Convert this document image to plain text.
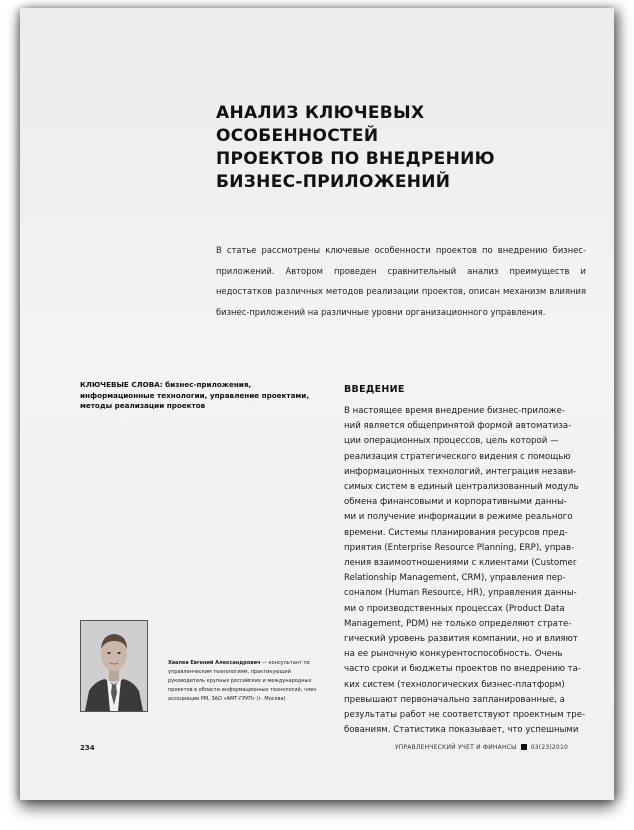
АНАЛИЗ КЛЮЧЕВЫХ ОСОБЕННОСТЕЙ
ПРОЕКТОВ ПО ВНЕДРЕНИЮ
БИЗНЕС-ПРИЛОЖЕНИЙ

В статье рассмотрены ключевые особенности проектов по внедрению бизнес-приложений. Автором проведен сравнительный анализ преимуществ и недостатков различных методов реализации проектов, описан механизм влияния бизнес-приложений на различные уровни организационного управления.

КЛЮЧЕВЫЕ СЛОВА: бизнес-приложения, информационные технологии, управление проектами, методы реализации проектов

ВВЕДЕНИЕ
В настоящее время внедрение бизнес-приложе-
ний является общепринятой формой автоматиза-
ции операционных процессов, цель которой —
реализация стратегического видения с помощью
информационных технологий, интеграция незави-
симых систем в единый централизованный модуль
обмена финансовыми и корпоративными данны-
ми и получение информации в режиме реального
времени. Системы планирования ресурсов пред-
приятия (Enterprise Resource Planning, ERP), управ-
ления взаимоотношениями с клиентами (Customer
Relationship Management, CRM), управления пер-
соналом (Human Resource, HR), управления данны-
ми о производственных процессах (Product Data
Management, PDM) не только определяют страте-
гический уровень развития компании, но и влияют
на ее рыночную конкурентоспособность. Очень
часто сроки и бюджеты проектов по внедрению та-
ких систем (технологических бизнес-платформ)
превышают первоначально запланированные, а
результаты работ не соответствуют проектным тре-
бованиям. Статистика показывает, что успешными

Хвалев Евгений Александрович — консультант по управленческим технологиям, практикующий руководитель крупных российских и международных проектов в области информационных технологий, член ассоциации РМ, ЗАО «АМТ-ГРУП» (г. Москва)

234	УПРАВЛЕНЧЕСКИЙ УЧЕТ И ФИНАНСЫ 03(23)2010
